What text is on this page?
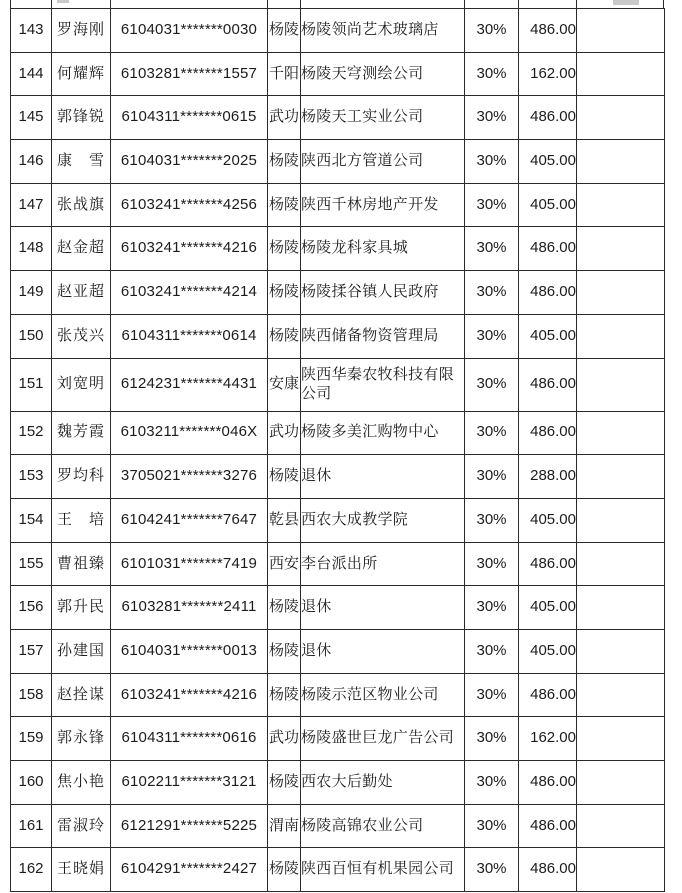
143	罗海刚	6104031*******0030	杨陵	杨陵领尚艺术玻璃店	30%	486.00	
144	何耀辉	6103281*******1557	千阳	杨陵天穹测绘公司	30%	162.00	
145	郭锋锐	6104311*******0615	武功	杨陵天工实业公司	30%	486.00	
146	康　雪	6104031*******2025	杨陵	陕西北方管道公司	30%	405.00	
147	张战旗	6103241*******4256	杨陵	陕西千林房地产开发	30%	405.00	
148	赵金超	6103241*******4216	杨陵	杨陵龙科家具城	30%	486.00	
149	赵亚超	6103241*******4214	杨陵	杨陵揉谷镇人民政府	30%	486.00	
150	张茂兴	6104311*******0614	杨陵	陕西储备物资管理局	30%	405.00	
151	刘宽明	6124231*******4431	安康	陕西华秦农牧科技有限公司	30%	486.00	
152	魏芳霞	6103211*******046X	武功	杨陵多美汇购物中心	30%	486.00	
153	罗均科	3705021*******3276	杨陵	退休	30%	288.00	
154	王　培	6104241*******7647	乾县	西农大成教学院	30%	405.00	
155	曹祖臻	6101031*******7419	西安	李台派出所	30%	486.00	
156	郭升民	6103281*******2411	杨陵	退休	30%	405.00	
157	孙建国	6104031*******0013	杨陵	退休	30%	405.00	
158	赵拴谋	6103241*******4216	杨陵	杨陵示范区物业公司	30%	486.00	
159	郭永锋	6104311*******0616	武功	杨陵盛世巨龙广告公司	30%	162.00	
160	焦小艳	6102211*******3121	杨陵	西农大后勤处	30%	486.00	
161	雷淑玲	6121291*******5225	渭南	杨陵高锦农业公司	30%	486.00	
162	王晓娟	6104291*******2427	杨陵	陕西百恒有机果园公司	30%	486.00	
